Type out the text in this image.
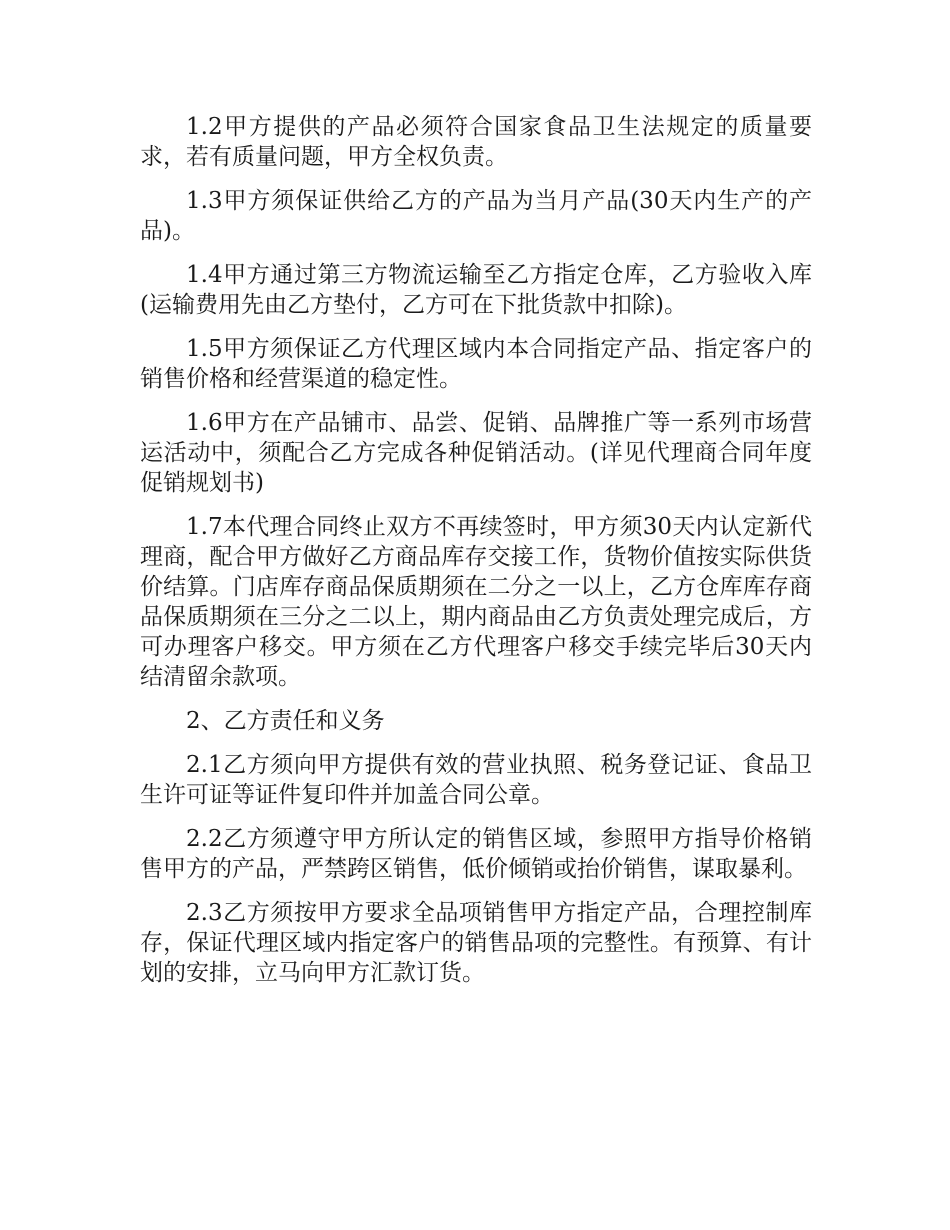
1.2甲方提供的产品必须符合国家食品卫生法规定的质量要求，若有质量问题，甲方全权负责。

1.3甲方须保证供给乙方的产品为当月产品(30天内生产的产品)。

1.4甲方通过第三方物流运输至乙方指定仓库，乙方验收入库(运输费用先由乙方垫付，乙方可在下批货款中扣除)。

1.5甲方须保证乙方代理区域内本合同指定产品、指定客户的销售价格和经营渠道的稳定性。

1.6甲方在产品铺市、品尝、促销、品牌推广等一系列市场营运活动中，须配合乙方完成各种促销活动。(详见代理商合同年度促销规划书)

1.7本代理合同终止双方不再续签时，甲方须30天内认定新代理商，配合甲方做好乙方商品库存交接工作，货物价值按实际供货价结算。门店库存商品保质期须在二分之一以上，乙方仓库库存商品保质期须在三分之二以上，期内商品由乙方负责处理完成后，方可办理客户移交。甲方须在乙方代理客户移交手续完毕后30天内结清留余款项。

2、乙方责任和义务

2.1乙方须向甲方提供有效的营业执照、税务登记证、食品卫生许可证等证件复印件并加盖合同公章。

2.2乙方须遵守甲方所认定的销售区域，参照甲方指导价格销售甲方的产品，严禁跨区销售，低价倾销或抬价销售，谋取暴利。

2.3乙方须按甲方要求全品项销售甲方指定产品，合理控制库存，保证代理区域内指定客户的销售品项的完整性。有预算、有计划的安排，立马向甲方汇款订货。
